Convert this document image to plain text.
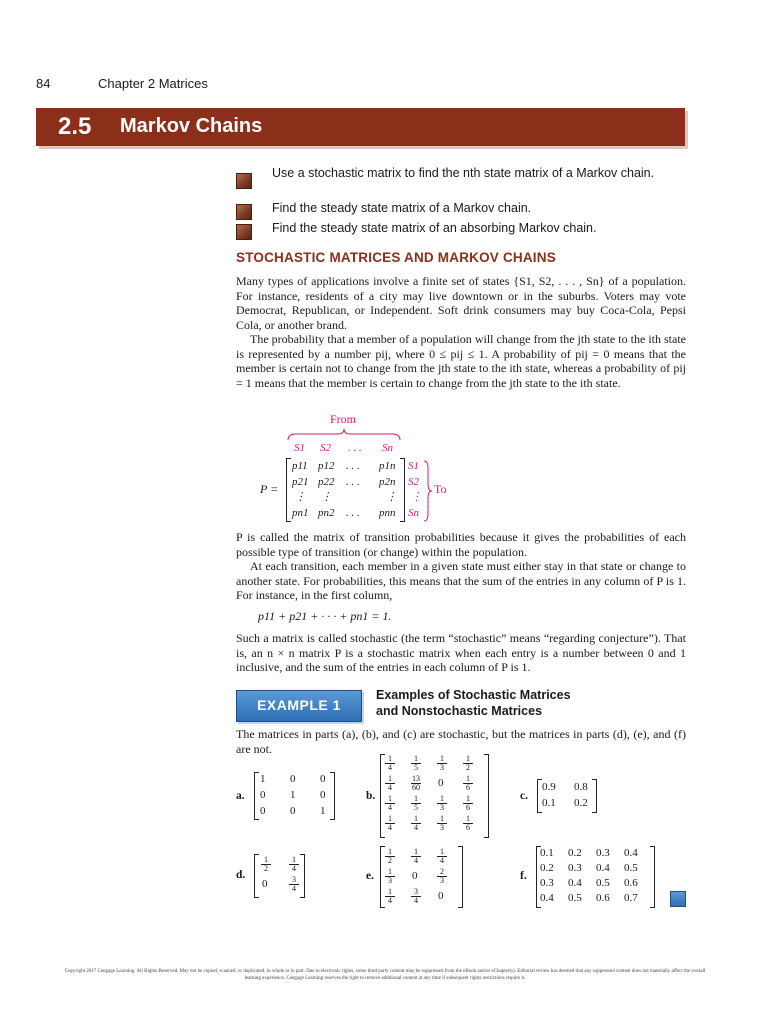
84	Chapter 2 Matrices
2.5 Markov Chains
Use a stochastic matrix to find the nth state matrix of a Markov chain.
Find the steady state matrix of a Markov chain.
Find the steady state matrix of an absorbing Markov chain.
STOCHASTIC MATRICES AND MARKOV CHAINS
Many types of applications involve a finite set of states {S1, S2, . . . , Sn} of a population. For instance, residents of a city may live downtown or in the suburbs. Voters may vote Democrat, Republican, or Independent. Soft drink consumers may buy Coca-Cola, Pepsi Cola, or another brand.
The probability that a member of a population will change from the jth state to the ith state is represented by a number pij, where 0 ≤ pij ≤ 1. A probability of pij = 0 means that the member is certain not to change from the jth state to the ith state, whereas a probability of pij = 1 means that the member is certain to change from the jth state to the ith state.
From
S1 S2 . . . Sn
P =
p11 p12 . . . p1n
p21 p22 . . . p2n
⋮ ⋮	⋮
pn1 pn2 . . . pnn
S1
S2
⋮
Sn
To
P is called the matrix of transition probabilities because it gives the probabilities of each possible type of transition (or change) within the population.
At each transition, each member in a given state must either stay in that state or change to another state. For probabilities, this means that the sum of the entries in any column of P is 1. For instance, in the first column,
p11 + p21 + · · · + pn1 = 1.
Such a matrix is called stochastic (the term “stochastic” means “regarding conjecture”). That is, an n × n matrix P is a stochastic matrix when each entry is a number between 0 and 1 inclusive, and the sum of the entries in each column of P is 1.
EXAMPLE 1
Examples of Stochastic Matrices
and Nonstochastic Matrices
The matrices in parts (a), (b), and (c) are stochastic, but the matrices in parts (d), (e), and (f) are not.
a.
1 0 0
0 1 0
0 0 1
b.
$\frac{1}{4} \frac{1}{5} \frac{1}{3} \frac{1}{2}$
$\frac{1}{4} \frac{13}{60} 0 \frac{1}{6}$
$\frac{1}{4} \frac{1}{5} \frac{1}{3} \frac{1}{6}$
$\frac{1}{4} \frac{1}{4} \frac{1}{3} \frac{1}{6}$
c.
0.9 0.8
0.1 0.2
d.
$\frac{1}{2} \frac{1}{4}$
0	$\frac{3}{4}$	e.
$\frac{1}{2} \frac{1}{4} \frac{1}{4}$
$\frac{1}{3} 0 \frac{2}{3}$
$\frac{1}{4} \frac{3}{4} 0$
f.
0.1 0.2 0.3 0.4
0.2 0.3 0.4 0.5
0.3 0.4 0.5 0.6
0.4 0.5 0.6 0.7
Copyright 2017 Cengage Learning. All Rights Reserved. May not be copied, scanned, or duplicated, in whole or in part. Due to electronic rights, some third party content may be suppressed from the eBook and/or eChapter(s). Editorial review has deemed that any suppressed content does not materially affect the overall learning experience. Cengage Learning reserves the right to remove additional content at any time if subsequent rights restrictions require it.
